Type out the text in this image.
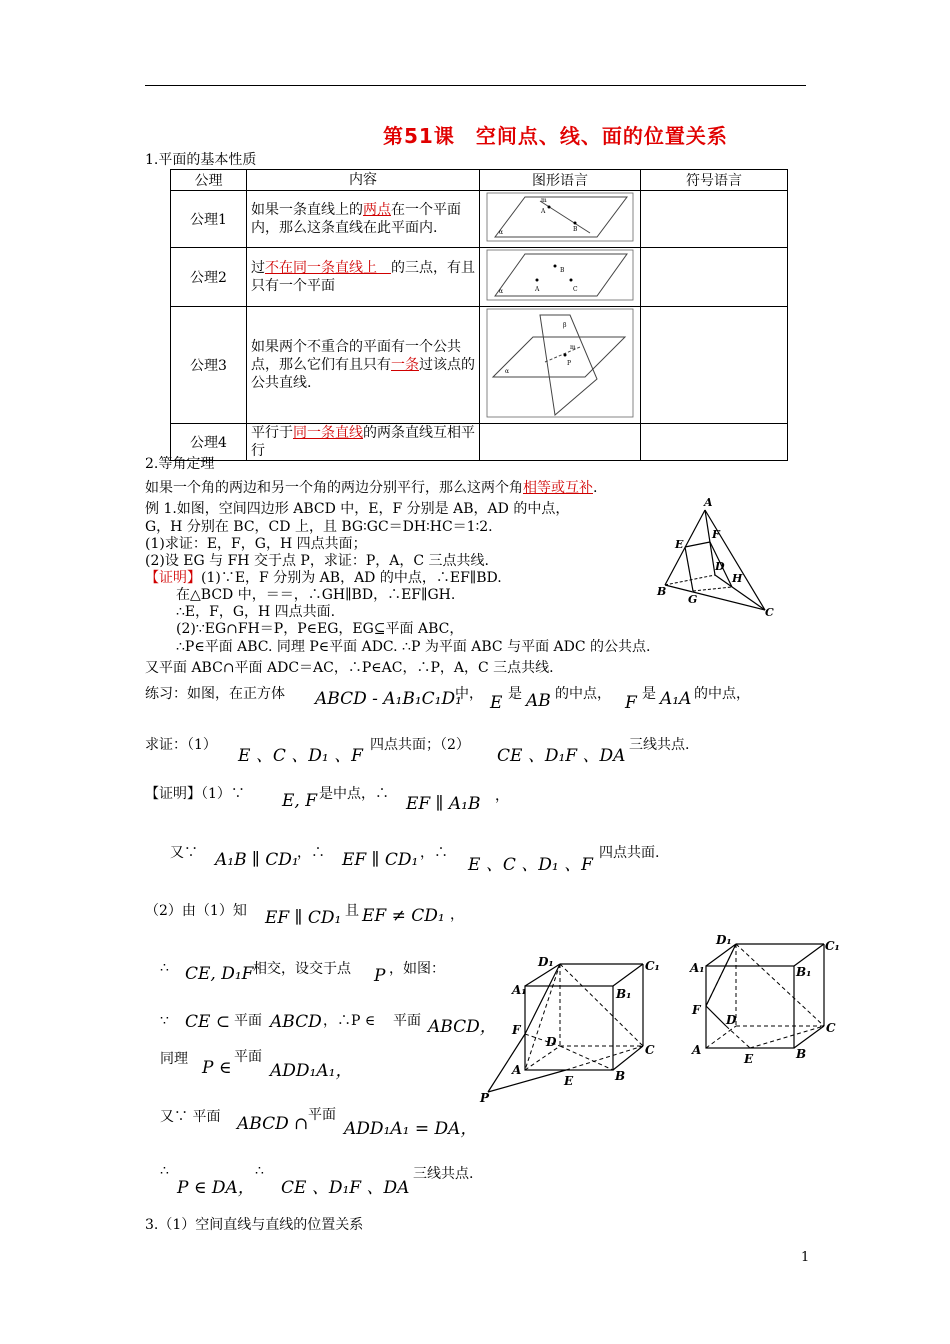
第51课　空间点、线、面的位置关系
1.平面的基本性质
公理	内容	图形语言	符号语言
公理1	如果一条直线上的两点在一个平面内，那么这条直线在此平面内.	m
A
B
α	

公理2	过不在同一条直线上　的三点，有且只有一个平面	B
A C
α	

公理3	如果两个不重合的平面有一个公共点，那么它们有且只有一条过该点的公共直线.	β
m
P
α	

公理4	平行于同一条直线的两条直线互相平行		
2.等角定理
如果一个角的两边和另一个角的两边分别平行，那么这两个角相等或互补.
例 1.如图，空间四边形 ABCD 中，E，F 分别是 AB，AD 的中点，
G，H 分别在 BC，CD 上，且 BG∶GC＝DH∶HC＝1∶2.
(1)求证：E，F，G，H 四点共面；
(2)设 EG 与 FH 交于点 P，求证：P，A，C 三点共线.
【证明】(1)∵E，F 分别为 AB，AD 的中点，∴EF∥BD.
在△BCD 中，＝＝，∴GH∥BD，∴EF∥GH.
∴E，F，G，H 四点共面.
(2)∵EG∩FH＝P，P∈EG，EG⊆平面 ABC，
∴P∈平面 ABC. 同理 P∈平面 ADC. ∴P 为平面 ABC 与平面 ADC 的公共点.
又平面 ABC∩平面 ADC＝AC，∴P∈AC，∴P，A，C 三点共线.
A
B
C
D
E
F
G
H
练习：如图，在正方体 ABCD - A₁B₁C₁D₁
中， E 是 AB 的中点， F 是 A₁A 的中点，
求证：（1）
E 、C 、D₁ 、F
四点共面；（2）
CE 、D₁F 、DA
三线共点.
【证明】（1）∵ E, F 是中点，∴ EF ∥ A₁B ，
又∵ A₁B ∥ CD₁
，∴ EF ∥ CD₁ ，∴
E 、C 、D₁ 、F
四点共面.
（2）由（1）知 EF ∥ CD₁ 且 EF ≠ CD₁ ，
∴ CE, D₁F 相交，设交于点 P ，如图：
∵ CE ⊂ 平面 ABCD ，∴P ∈ 平面 ABCD，
同理 P ∈
平面
ADD₁A₁，
又∵ 平面 ABCD ∩ 平面
ADD₁A₁ = DA，
∴
P ∈ DA，
∴
CE 、D₁F 、DA
三线共点.
3.（1）空间直线与直线的位置关系
D₁	C₁
A₁	B₁
F
D
C
A
E	B
P
D₁	C₁
A₁	B₁
F
D
C
A
E	B
1
